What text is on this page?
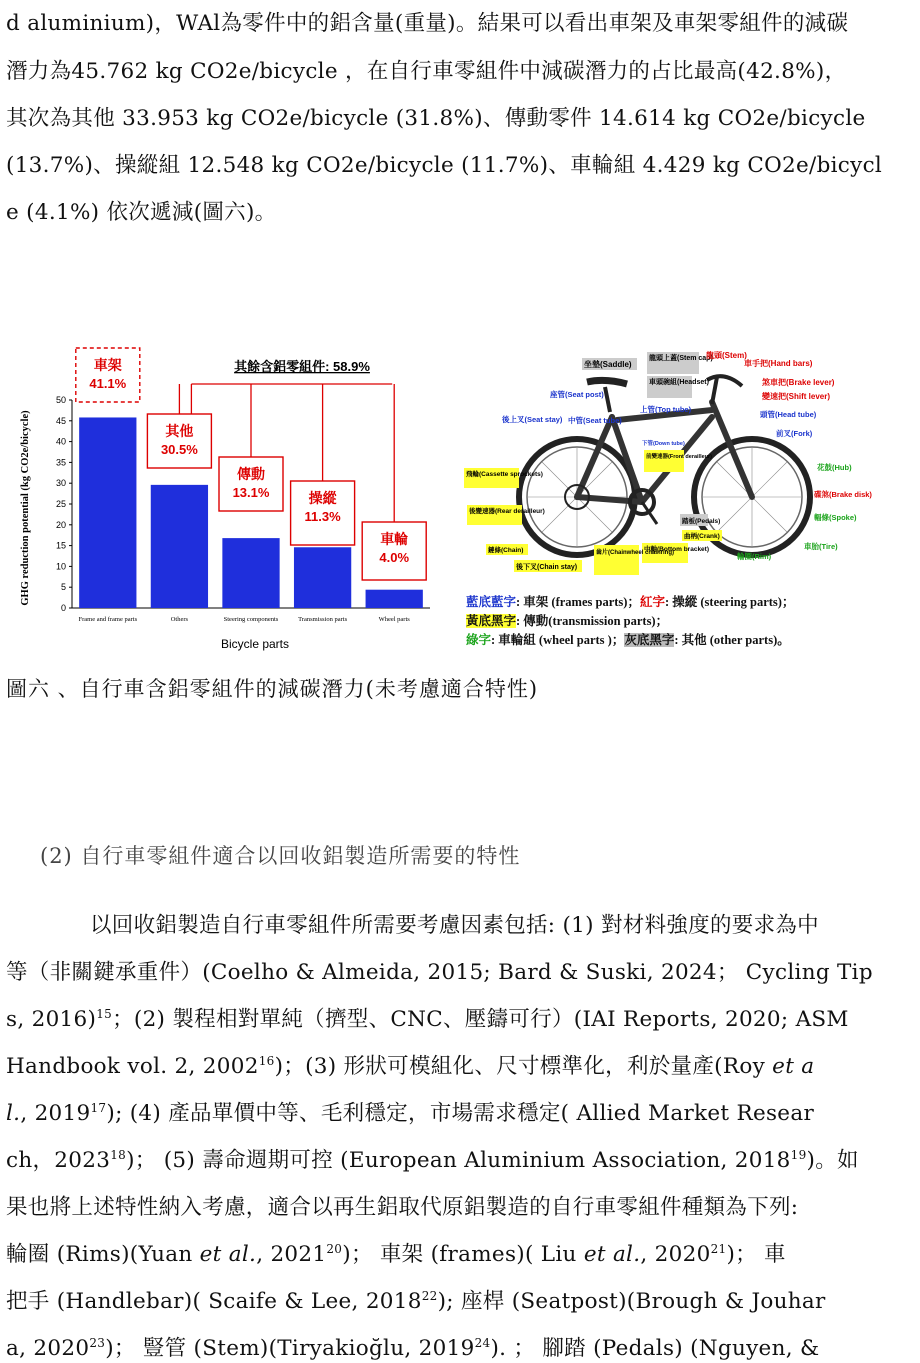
d aluminium)，WAl為零件中的鋁含量(重量)。結果可以看出車架及車架零組件的減碳
潛力為45.762 kg CO2e/bicycle ，在自行車零組件中減碳潛力的占比最高(42.8%)，
其次為其他 33.953 kg CO2e/bicycle (31.8%)、傳動零件 14.614 kg CO2e/bicycle
(13.7%)、操縱組 12.548 kg CO2e/bicycle (11.7%)、車輪組 4.429 kg CO2e/bicycl
e (4.1%) 依次遞減(圖六)。
0
5
10
15
20
25
30
35
40
45
50
Frame and frame parts	Others	Steering components	Transmission parts	Wheel parts
車架
41.1%
其他
30.5%
傳動
13.1%	操縱
11.3%
車輪
4.0%
其餘含鋁零組件: 58.9%
Bicycle parts
GHG reduction potential (kg CO2e/bicycle)
坐墊(Saddle)
龍頭上蓋(Stem cap)
車頭碗組(Headset)
龍頭(Stem)
車手把(Hand bars)
煞車把(Brake lever)
變速把(Shift lever)
座管(Seat post)
後上叉(Seat stay) 中管(Seat tube)
上管(Top tube)
頭管(Head tube)
前叉(Fork)
下管(Down tube)
前變速器(Front derailleur)
飛輪(Cassette sprockets)
後變速器(Rear derailleur)
花鼓(Hub)
碟煞(Brake disk)
輻條(Spoke)
踏板(Pedals)
曲柄(Crank)
中軸(Bottom bracket)
鏈條(Chain)	齒片(Chainwheel chainring)
後下叉(Chain stay)
輪圈(Rim)
車胎(Tire)
藍底藍字: 車架 (frames parts)；紅字: 操縱 (steering parts)；
黃底黑字: 傳動(transmission parts)；
綠字: 車輪組 (wheel parts )；灰底黑字: 其他 (other parts)。
圖六 、自行車含鋁零組件的減碳潛力(未考慮適合特性)
(2) 自行車零組件適合以回收鋁製造所需要的特性
以回收鋁製造自行車零組件所需要考慮因素包括: (1) 對材料強度的要求為中
等（非關鍵承重件）(Coelho & Almeida, 2015; Bard & Suski, 2024； Cycling Tip
s, 2016)$^{15}$；(2) 製程相對單純（擠型、CNC、壓鑄可行）(IAI Reports, 2020; ASM
Handbook vol. 2, 2002$^{16}$)；(3) 形狀可模組化、尺寸標準化，利於量產(Roy et a
l., 2019$^{17}$); (4) 產品單價中等、毛利穩定，市場需求穩定( Allied Market Resear
ch，2023$^{18}$)； (5) 壽命週期可控 (European Aluminium Association, 2018$^{19}$)。如
果也將上述特性納入考慮，適合以再生鋁取代原鋁製造的自行車零組件種類為下列:
輪圈 (Rims)(Yuan et al., 2021$^{20}$)； 車架 (frames)( Liu et al., 2020$^{21}$)； 車
把手 (Handlebar)( Scaife & Lee, 2018$^{22}$); 座桿 (Seatpost)(Brough & Jouhar
a, 2020$^{23}$)； 豎管 (Stem)(Tiryakioğlu, 2019$^{24}$). ； 腳踏 (Pedals) (Nguyen, &
